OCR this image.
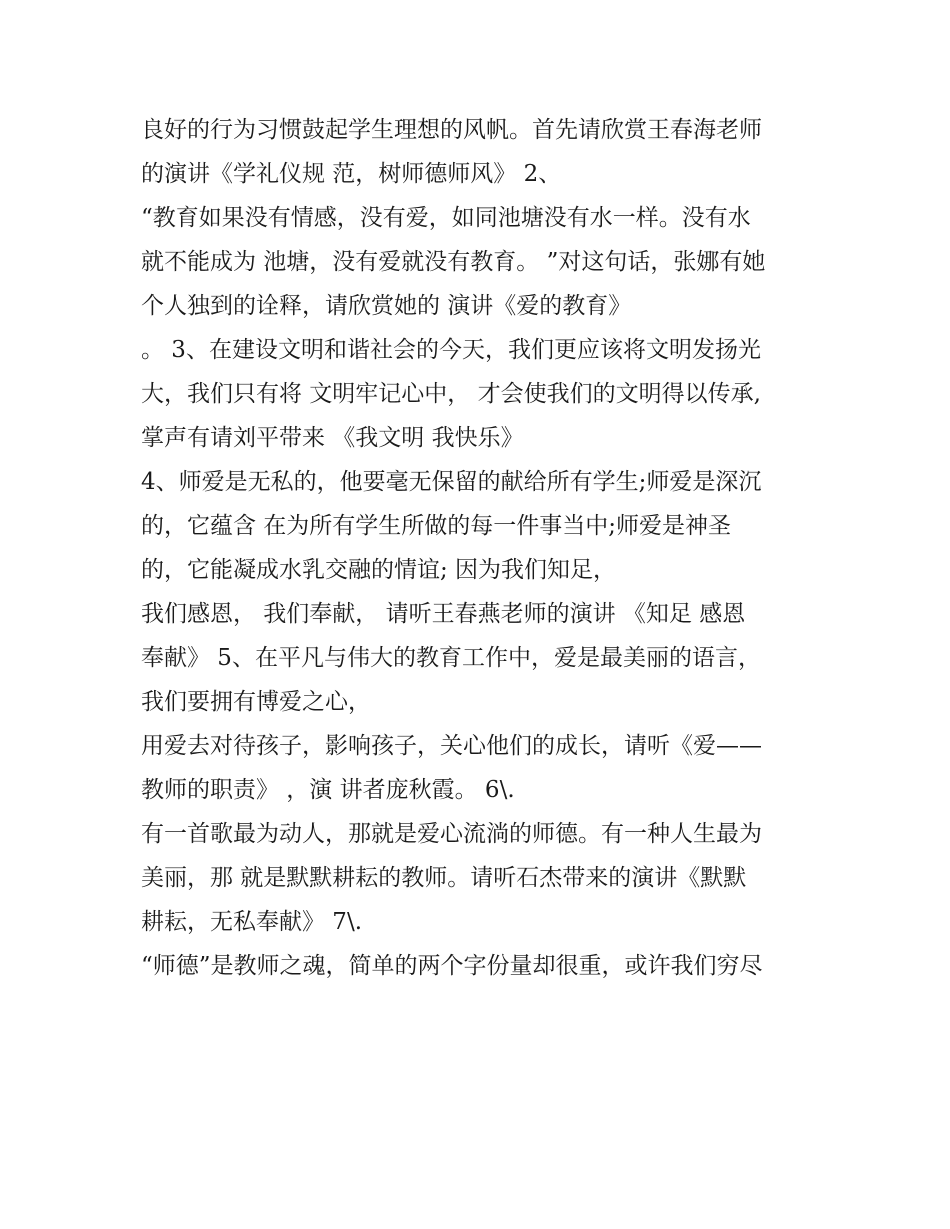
良好的行为习惯鼓起学生理想的风帆。首先请欣赏王春海老师

的演讲《学礼仪规 范，树师德师风》 2、

“教育如果没有情感，没有爱，如同池塘没有水一样。没有水

就不能成为 池塘，没有爱就没有教育。 ”对这句话，张娜有她

个人独到的诠释，请欣赏她的 演讲《爱的教育》

。 3、在建设文明和谐社会的今天，我们更应该将文明发扬光

大，我们只有将 文明牢记心中， 才会使我们的文明得以传承,

掌声有请刘平带来 《我文明 我快乐》

4、师爱是无私的，他要毫无保留的献给所有学生;师爱是深沉

的，它蕴含 在为所有学生所做的每一件事当中;师爱是神圣

的，它能凝成水乳交融的情谊; 因为我们知足，

我们感恩， 我们奉献， 请听王春燕老师的演讲 《知足 感恩

奉献》 5、在平凡与伟大的教育工作中，爱是最美丽的语言，

我们要拥有博爱之心，

用爱去对待孩子，影响孩子，关心他们的成长，请听《爱——

教师的职责》 ，演 讲者庞秋霞。 6\.

有一首歌最为动人，那就是爱心流淌的师德。有一种人生最为

美丽，那 就是默默耕耘的教师。请听石杰带来的演讲《默默

耕耘，无私奉献》 7\.

“师德”是教师之魂，简单的两个字份量却很重，或许我们穷尽
